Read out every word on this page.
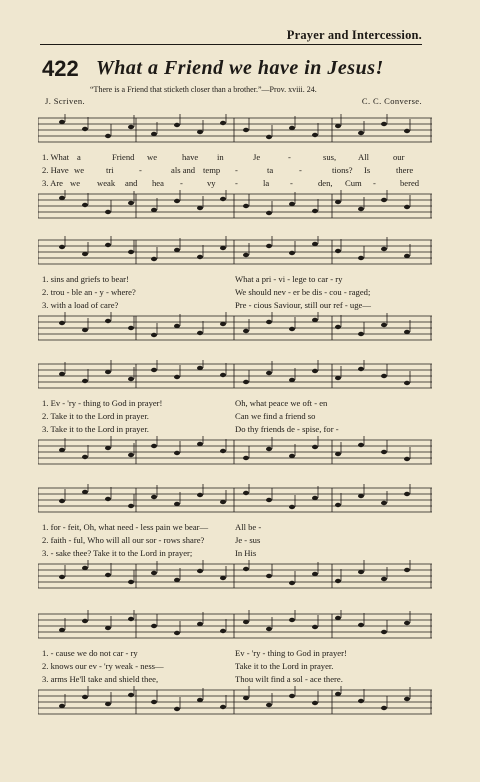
Prayer and Intercession.
422 What a Friend we have in Jesus!
“There is a Friend that sticketh closer than a brother.”—Prov. xviii. 24.
J. Scriven.	C. C. Converse.
1. What a	Friend we	have in	Je	-	sus,	All	our
2. Have we	tri	-	als and temp -	ta	-	tions? Is	there
3. Are we weak and hea -	vy -	la -	den, Cum -	bered
1. sins and griefs to bear!	What a pri - vi - lege to car - ry
2. trou - ble an - y - where?	We should nev - er be dis - cou - raged;
3. with a load of care?	Pre - cious Saviour, still our ref - uge—
1. Ev - 'ry - thing to God in prayer!	Oh, what peace we oft - en
2. Take it to the Lord in prayer.	Can we find a friend so
3. Take it to the Lord in prayer.	Do thy friends de - spise, for -
1. for - feit, Oh, what need - less pain we bear—	All be -
2. faith - ful, Who will all our sor - rows share?	Je - sus
3. - sake thee? Take it to the Lord in prayer;	In His
1. - cause we do not car - ry	Ev - 'ry - thing to God in prayer!
2. knows our ev - 'ry weak - ness—	Take it to the Lord in prayer.
3. arms He'll take and shield thee,	Thou wilt find a sol - ace there.
